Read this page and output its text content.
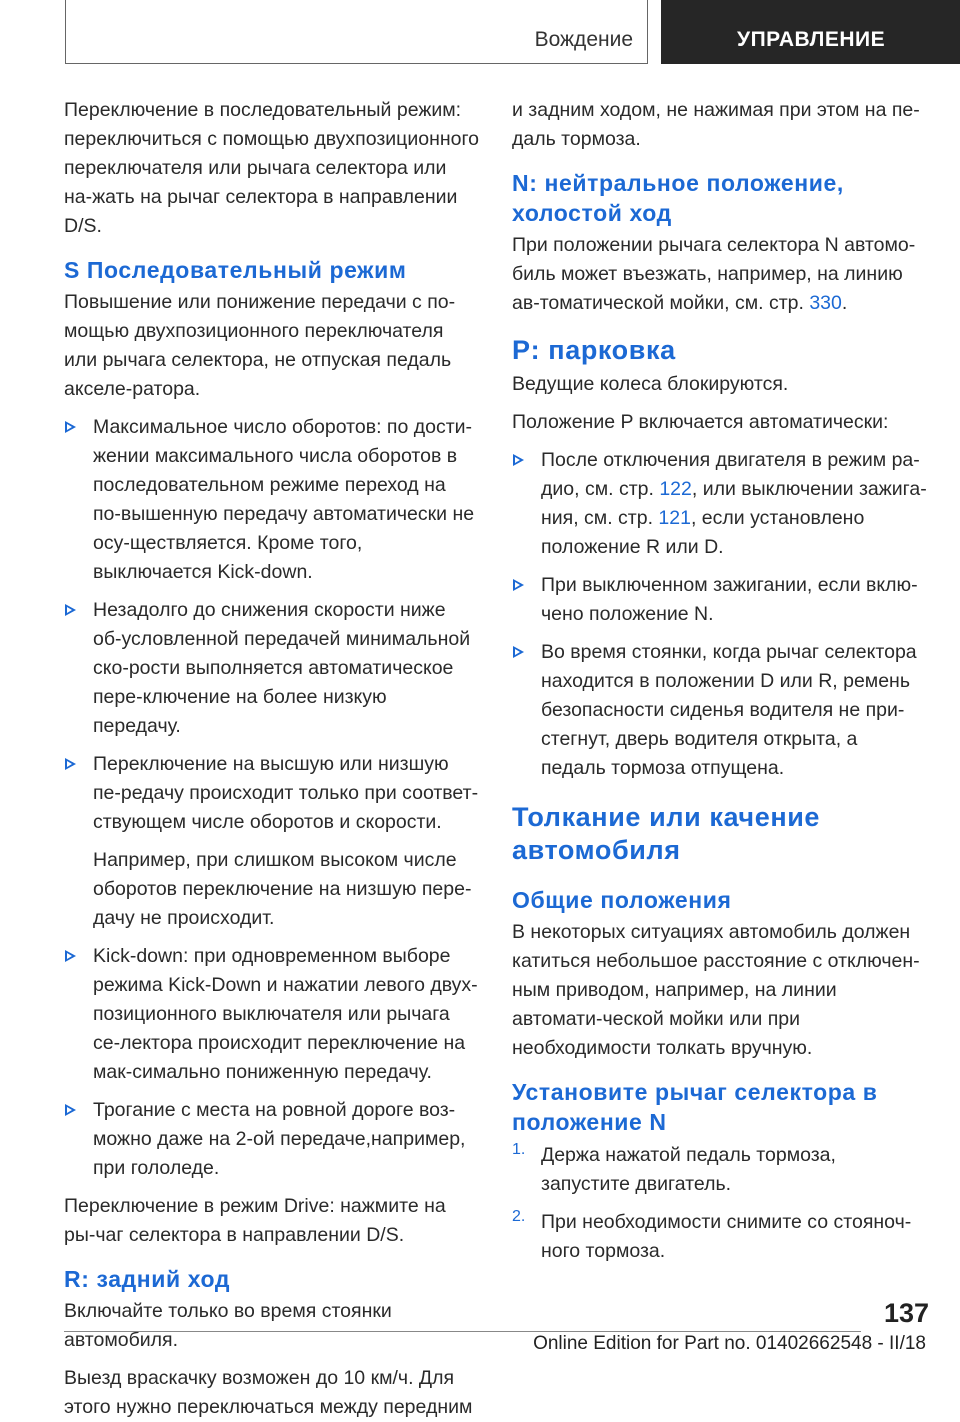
Вождение	УПРАВЛЕНИЕ

Переключение в последовательный режим: переключиться с помощью двухпозиционного переключателя или рычага селектора или на-жать на рычаг селектора в направлении D/S.

S Последовательный режим

Повышение или понижение передачи с по-мощью двухпозиционного переключателя или рычага селектора, не отпуская педаль акселе-ратора.

Максимальное число оборотов: по дости-жении максимального числа оборотов в последовательном режиме переход на по-вышенную передачу автоматически не осу-ществляется. Кроме того, выключается Kick-down.

Незадолго до снижения скорости ниже об-условленной передачей минимальной ско-рости выполняется автоматическое пере-ключение на более низкую передачу.

Переключение на высшую или низшую пе-редачу происходит только при соответ-ствующем числе оборотов и скорости.

Например, при слишком высоком числе оборотов переключение на низшую пере-дачу не происходит.

Kick-down: при одновременном выборе режима Kick-Down и нажатии левого двух-позиционного выключателя или рычага се-лектора происходит переключение на мак-симально пониженную передачу.

Трогание с места на ровной дороге воз-можно даже на 2-ой передаче,например, при гололеде.

Переключение в режим Drive: нажмите на ры-чаг селектора в направлении D/S.

R: задний ход

Включайте только во время стоянки автомобиля.

Выезд враскачку возможен до 10 км/ч. Для этого нужно переключаться между передним

и задним ходом, не нажимая при этом на пе-даль тормоза.

N: нейтральное положение, холостой ход

При положении рычага селектора N автомо-биль может въезжать, например, на линию ав-томатической мойки, см. стр. 330.

P: парковка

Ведущие колеса блокируются.

Положение P включается автоматически:

После отключения двигателя в режим ра-дио, см. стр. 122, или выключении зажига-ния, см. стр. 121, если установлено положение R или D.

При выключенном зажигании, если вклю-чено положение N.

Во время стоянки, когда рычаг селектора находится в положении D или R, ремень безопасности сиденья водителя не при-стегнут, дверь водителя открыта, а педаль тормоза отпущена.

Толкание или качение автомобиля
Общие положения

В некоторых ситуациях автомобиль должен катиться небольшое расстояние с отключен-ным приводом, например, на линии автомати-ческой мойки или при необходимости толкать вручную.

Установите рычаг селектора в положение N
1. Держа нажатой педаль тормоза, запустите двигатель.

2. При необходимости снимите со стояноч-ного тормоза.

137
Online Edition for Part no. 01402662548 - II/18
